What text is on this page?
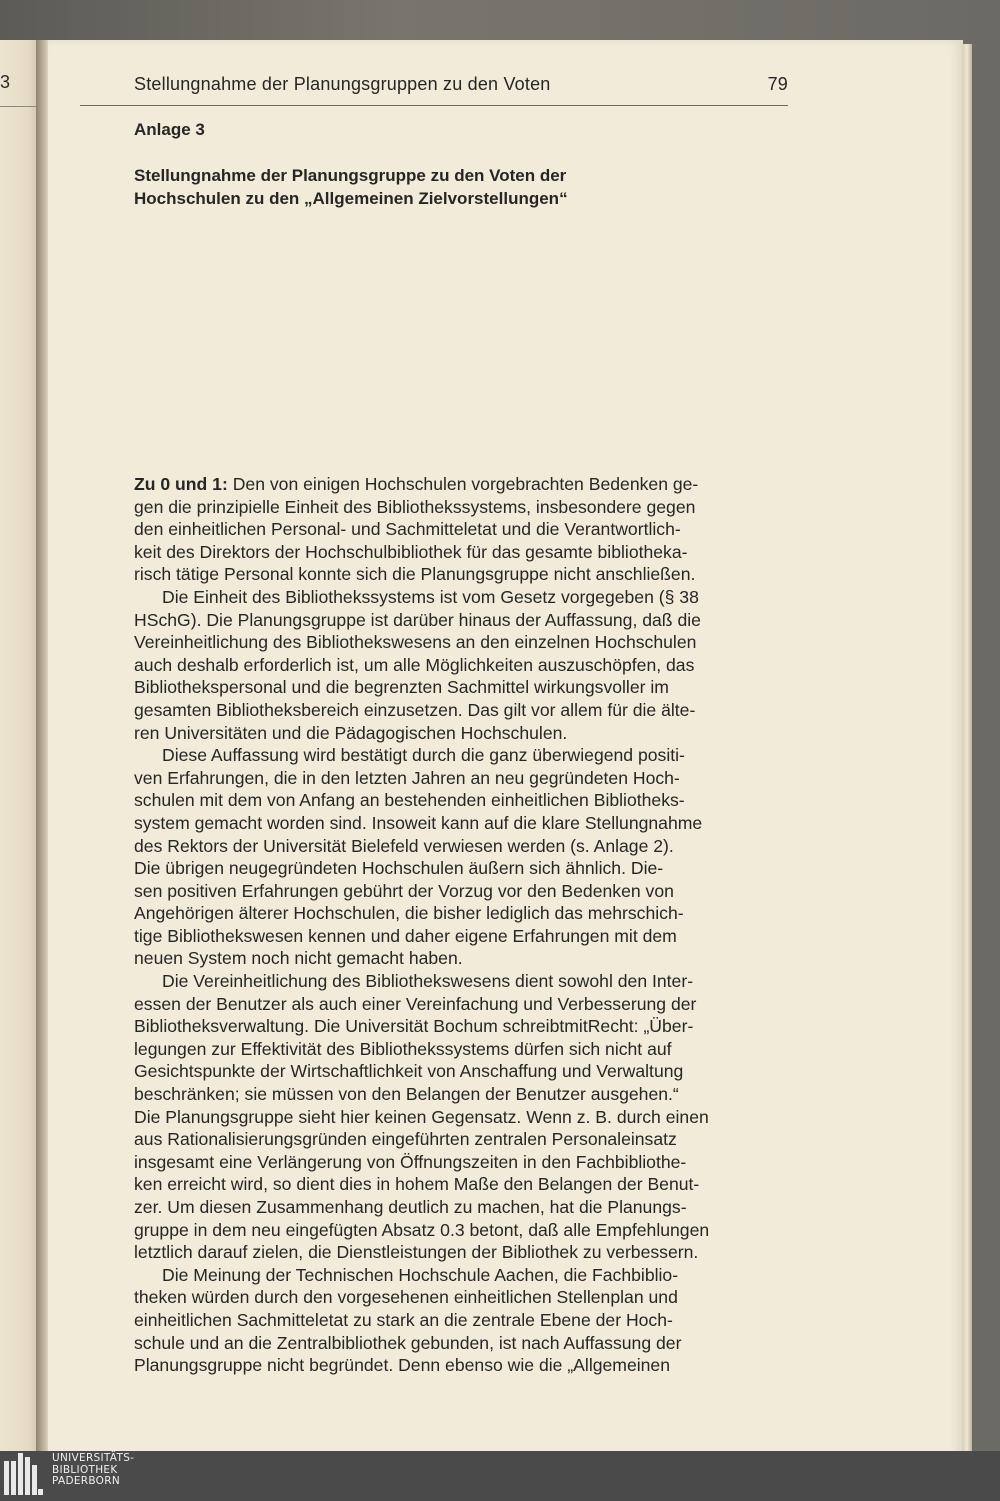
3	Stellungnahme der Planungsgruppen zu den Voten	79
Anlage 3
Stellungnahme der Planungsgruppe zu den Voten der
Hochschulen zu den „Allgemeinen Zielvorstellungen“
Zu 0 und 1: Den von einigen Hochschulen vorgebrachten Bedenken ge-
gen die prinzipielle Einheit des Bibliothekssystems, insbesondere gegen
den einheitlichen Personal- und Sachmitteletat und die Verantwortlich-
keit des Direktors der Hochschulbibliothek für das gesamte bibliotheka-
risch tätige Personal konnte sich die Planungsgruppe nicht anschließen.
Die Einheit des Bibliothekssystems ist vom Gesetz vorgegeben (§ 38
HSchG). Die Planungsgruppe ist darüber hinaus der Auffassung, daß die
Vereinheitlichung des Bibliothekswesens an den einzelnen Hochschulen
auch deshalb erforderlich ist, um alle Möglichkeiten auszuschöpfen, das
Bibliothekspersonal und die begrenzten Sachmittel wirkungsvoller im
gesamten Bibliotheksbereich einzusetzen. Das gilt vor allem für die älte-
ren Universitäten und die Pädagogischen Hochschulen.
Diese Auffassung wird bestätigt durch die ganz überwiegend positi-
ven Erfahrungen, die in den letzten Jahren an neu gegründeten Hoch-
schulen mit dem von Anfang an bestehenden einheitlichen Bibliotheks-
system gemacht worden sind. Insoweit kann auf die klare Stellungnahme
des Rektors der Universität Bielefeld verwiesen werden (s. Anlage 2).
Die übrigen neugegründeten Hochschulen äußern sich ähnlich. Die-
sen positiven Erfahrungen gebührt der Vorzug vor den Bedenken von
Angehörigen älterer Hochschulen, die bisher lediglich das mehrschich-
tige Bibliothekswesen kennen und daher eigene Erfahrungen mit dem
neuen System noch nicht gemacht haben.
Die Vereinheitlichung des Bibliothekswesens dient sowohl den Inter-
essen der Benutzer als auch einer Vereinfachung und Verbesserung der
Bibliotheksverwaltung. Die Universität Bochum schreibtmitRecht: „Über-
legungen zur Effektivität des Bibliothekssystems dürfen sich nicht auf
Gesichtspunkte der Wirtschaftlichkeit von Anschaffung und Verwaltung
beschränken; sie müssen von den Belangen der Benutzer ausgehen.“
Die Planungsgruppe sieht hier keinen Gegensatz. Wenn z. B. durch einen
aus Rationalisierungsgründen eingeführten zentralen Personaleinsatz
insgesamt eine Verlängerung von Öffnungszeiten in den Fachbibliothe-
ken erreicht wird, so dient dies in hohem Maße den Belangen der Benut-
zer. Um diesen Zusammenhang deutlich zu machen, hat die Planungs-
gruppe in dem neu eingefügten Absatz 0.3 betont, daß alle Empfehlungen
letztlich darauf zielen, die Dienstleistungen der Bibliothek zu verbessern.
Die Meinung der Technischen Hochschule Aachen, die Fachbiblio-
theken würden durch den vorgesehenen einheitlichen Stellenplan und
einheitlichen Sachmitteletat zu stark an die zentrale Ebene der Hoch-
schule und an die Zentralbibliothek gebunden, ist nach Auffassung der
Planungsgruppe nicht begründet. Denn ebenso wie die „Allgemeinen
UNIVERSITÄTS-
BIBLIOTHEK
PADERBORN
